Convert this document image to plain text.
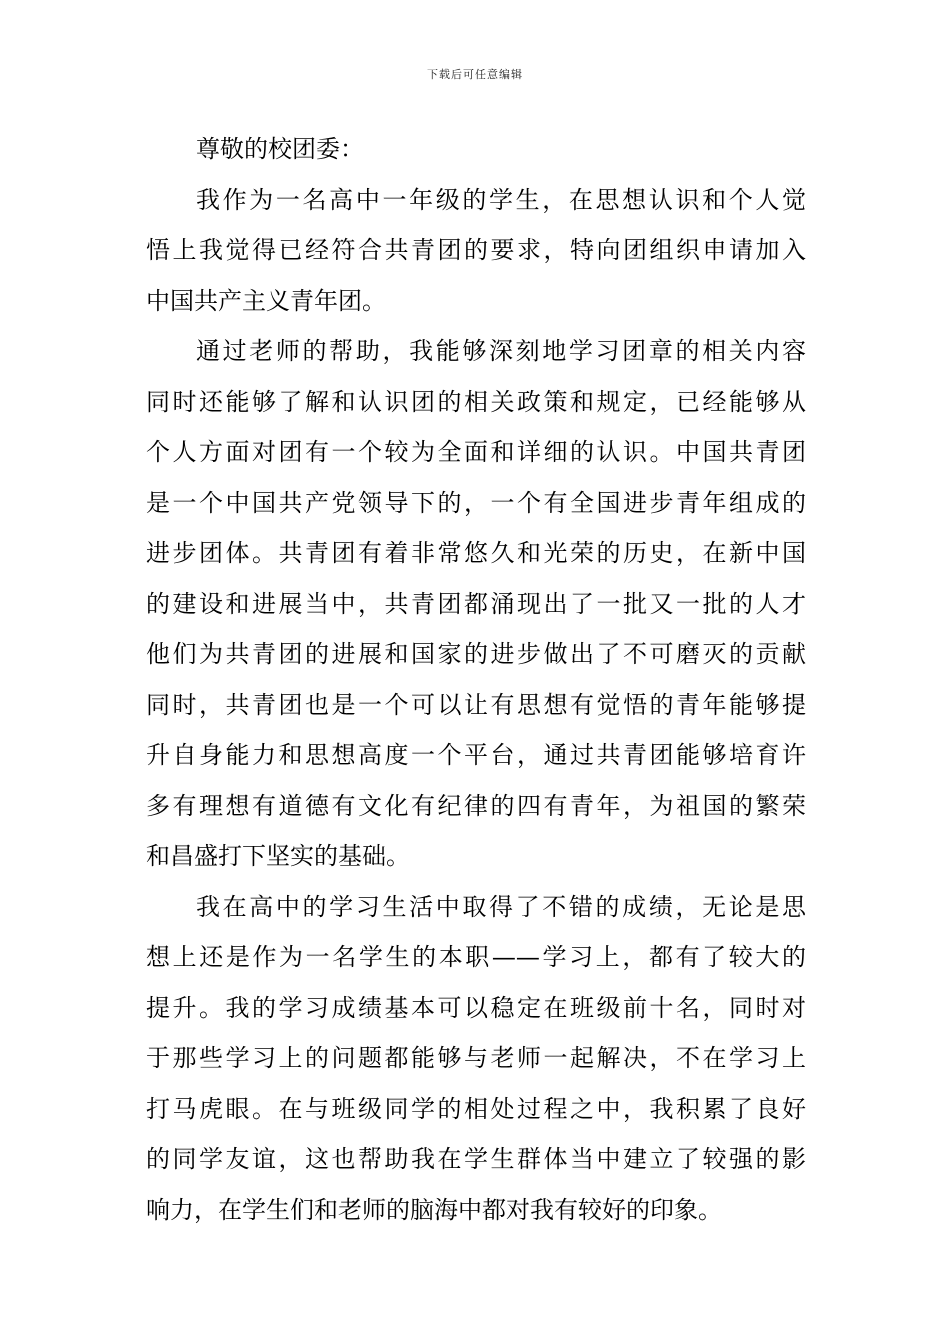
下载后可任意编辑
尊敬的校团委：
我作为一名高中一年级的学生，在思想认识和个人觉
悟上我觉得已经符合共青团的要求，特向团组织申请加入
中国共产主义青年团。
通过老师的帮助，我能够深刻地学习团章的相关内容
同时还能够了解和认识团的相关政策和规定，已经能够从
个人方面对团有一个较为全面和详细的认识。中国共青团
是一个中国共产党领导下的，一个有全国进步青年组成的
进步团体。共青团有着非常悠久和光荣的历史，在新中国
的建设和进展当中，共青团都涌现出了一批又一批的人才
他们为共青团的进展和国家的进步做出了不可磨灭的贡献
同时，共青团也是一个可以让有思想有觉悟的青年能够提
升自身能力和思想高度一个平台，通过共青团能够培育许
多有理想有道德有文化有纪律的四有青年，为祖国的繁荣
和昌盛打下坚实的基础。
我在高中的学习生活中取得了不错的成绩，无论是思
想上还是作为一名学生的本职——学习上，都有了较大的
提升。我的学习成绩基本可以稳定在班级前十名，同时对
于那些学习上的问题都能够与老师一起解决，不在学习上
打马虎眼。在与班级同学的相处过程之中，我积累了良好
的同学友谊，这也帮助我在学生群体当中建立了较强的影
响力，在学生们和老师的脑海中都对我有较好的印象。
